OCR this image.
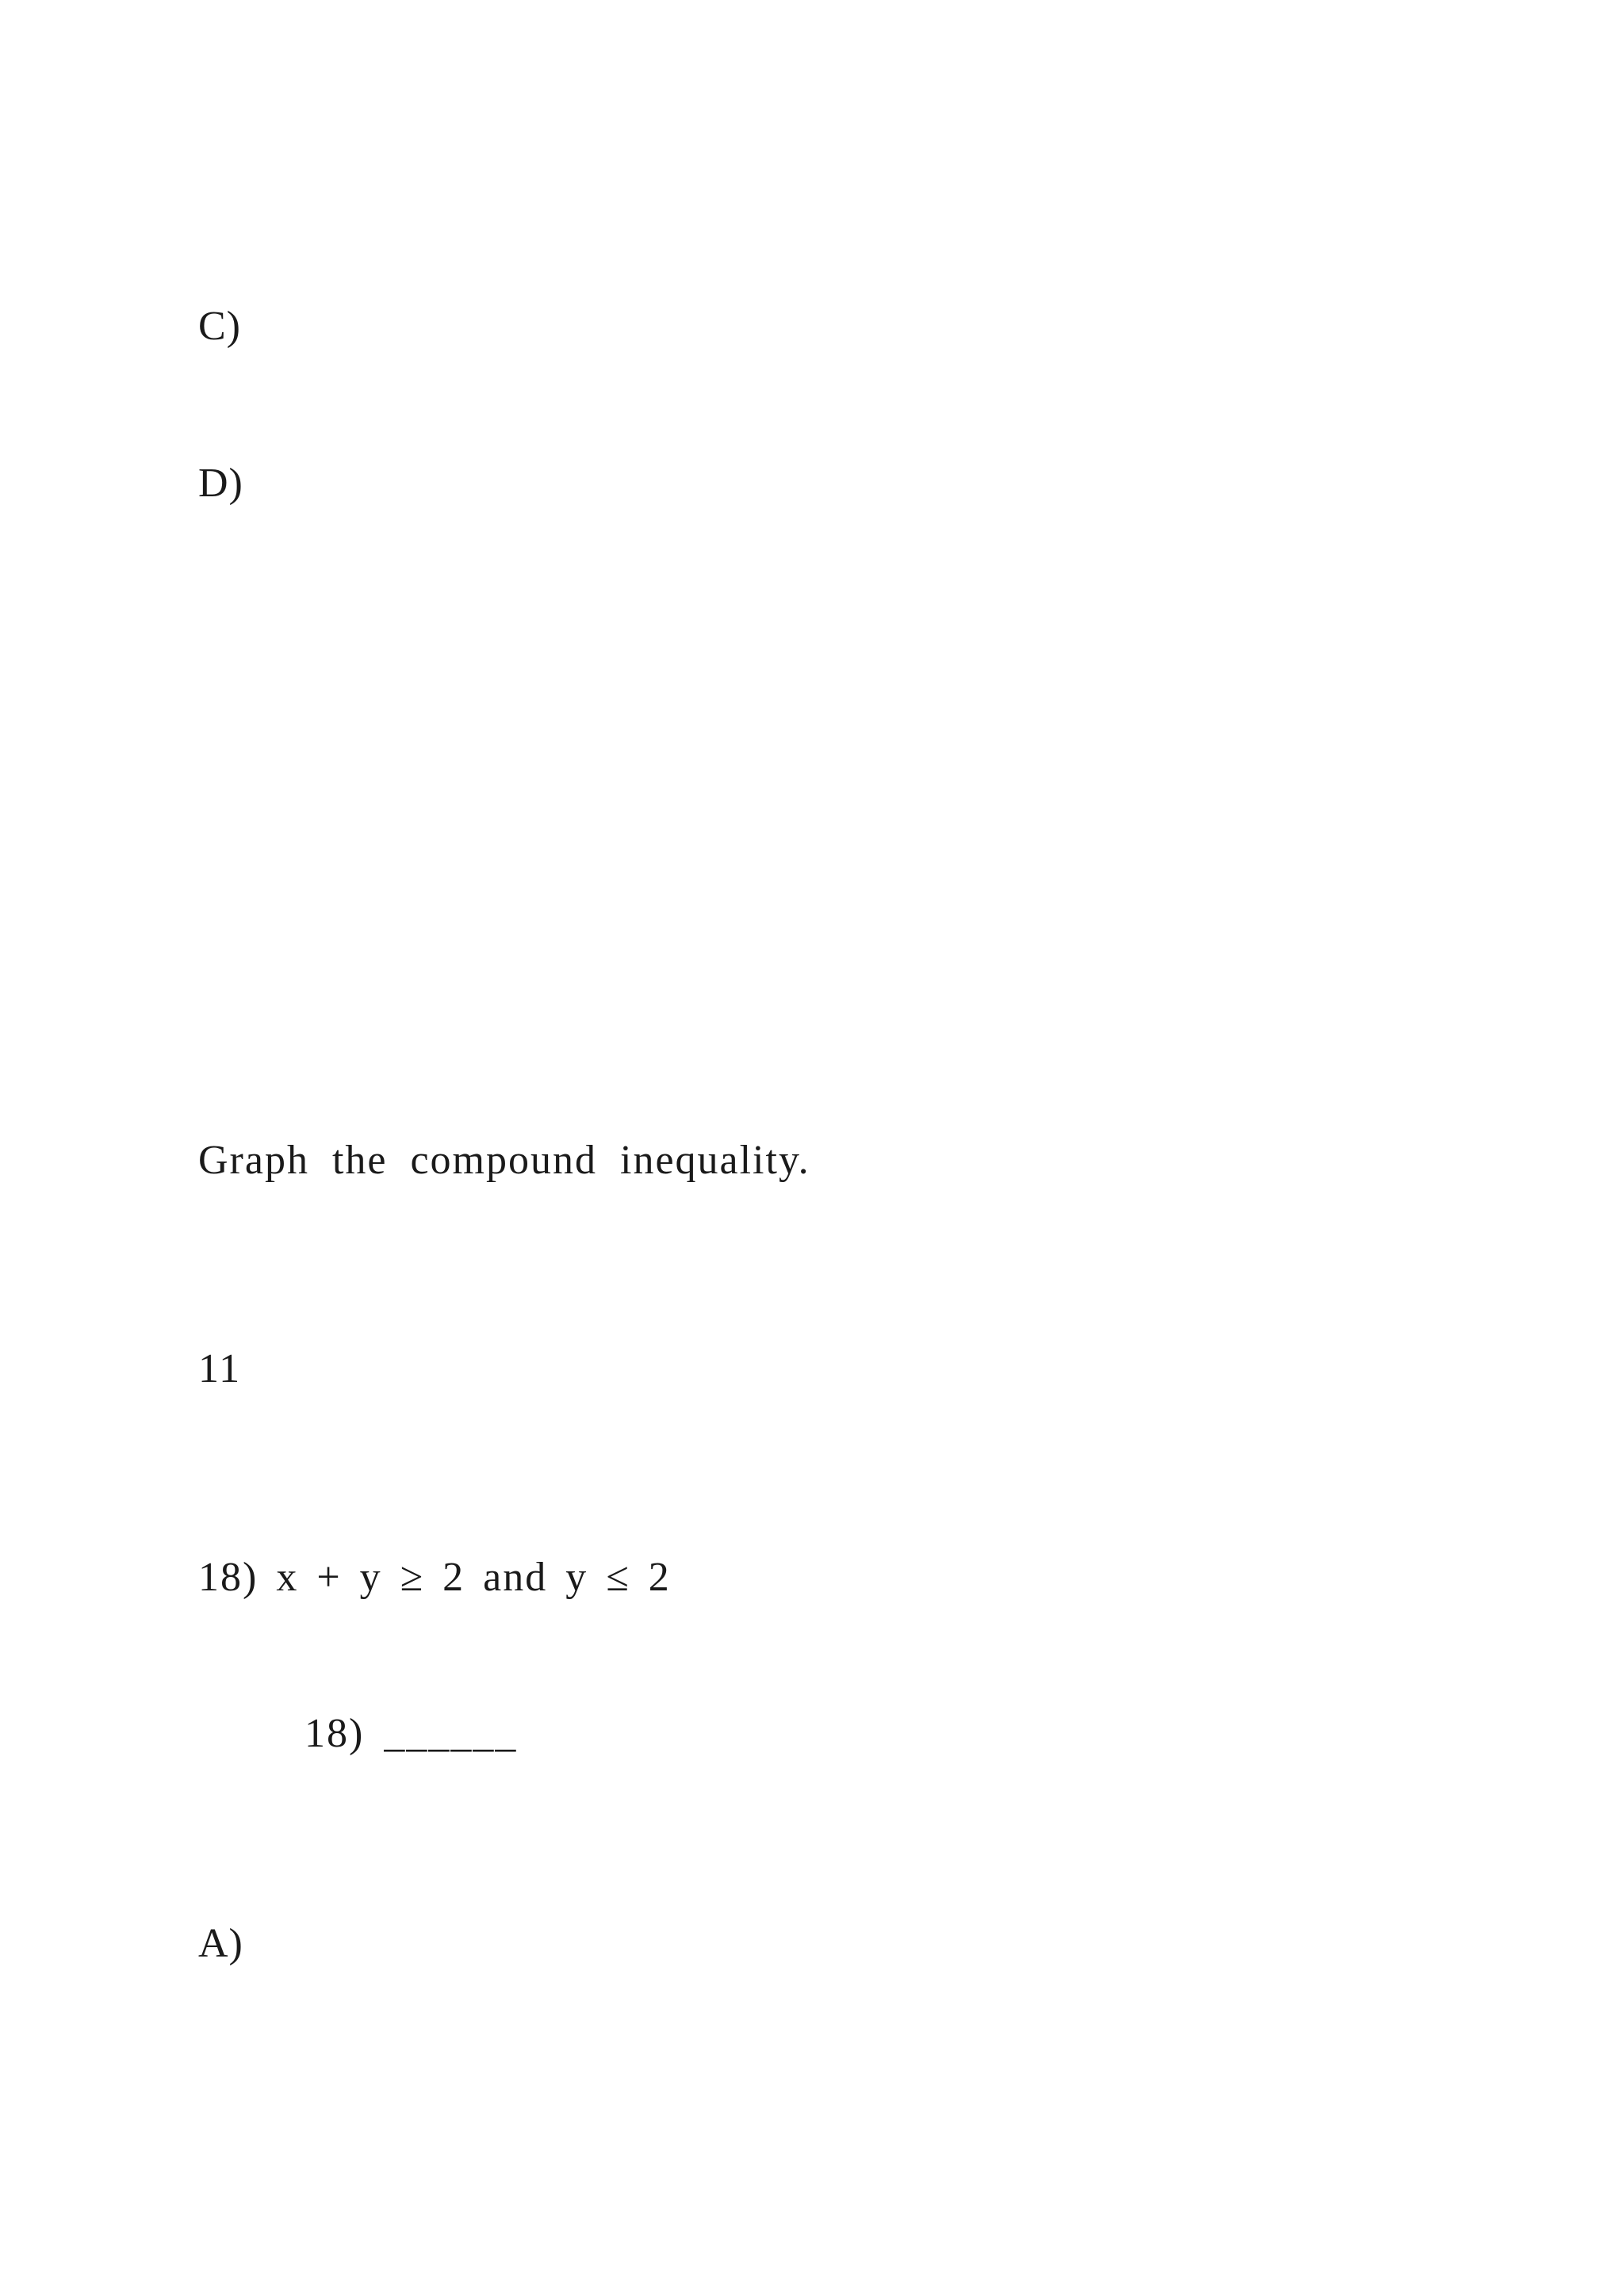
C)
D)
Graph the compound inequality.
11
18) x + y ≥ 2 and y ≤ 2
18) ______
A)
